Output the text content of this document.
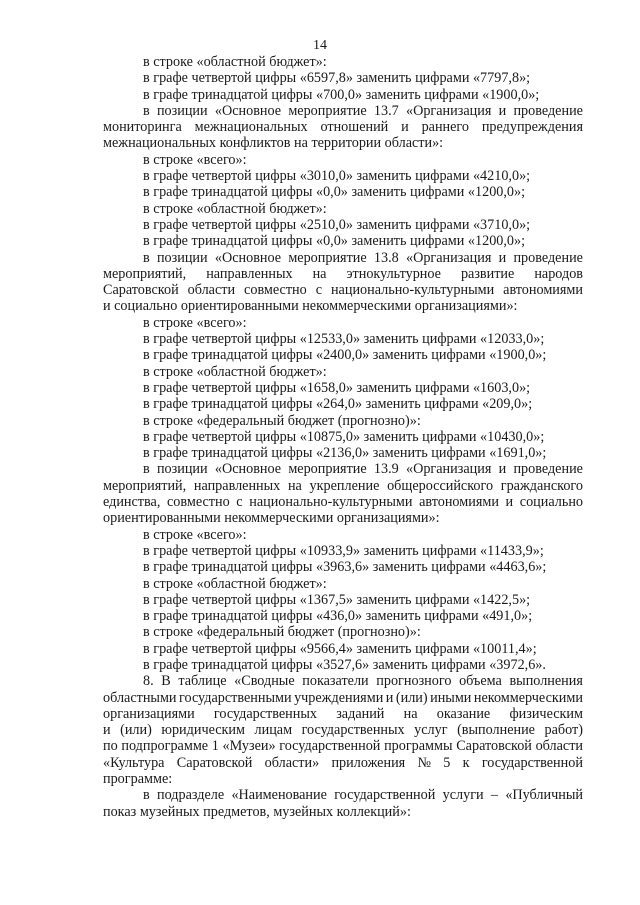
14
в строке «областной бюджет»:
в графе четвертой цифры «6597,8» заменить цифрами «7797,8»;
в графе тринадцатой цифры «700,0» заменить цифрами «1900,0»;
в позиции «Основное мероприятие 13.7 «Организация и проведение
мониторинга межнациональных отношений и раннего предупреждения
межнациональных конфликтов на территории области»:
в строке «всего»:
в графе четвертой цифры «3010,0» заменить цифрами «4210,0»;
в графе тринадцатой цифры «0,0» заменить цифрами «1200,0»;
в строке «областной бюджет»:
в графе четвертой цифры «2510,0» заменить цифрами «3710,0»;
в графе тринадцатой цифры «0,0» заменить цифрами «1200,0»;
в позиции «Основное мероприятие 13.8 «Организация и проведение
мероприятий, направленных на этнокультурное развитие народов
Саратовской области совместно с национально-культурными автономиями
и социально ориентированными некоммерческими организациями»:
в строке «всего»:
в графе четвертой цифры «12533,0» заменить цифрами «12033,0»;
в графе тринадцатой цифры «2400,0» заменить цифрами «1900,0»;
в строке «областной бюджет»:
в графе четвертой цифры «1658,0» заменить цифрами «1603,0»;
в графе тринадцатой цифры «264,0» заменить цифрами «209,0»;
в строке «федеральный бюджет (прогнозно)»:
в графе четвертой цифры «10875,0» заменить цифрами «10430,0»;
в графе тринадцатой цифры «2136,0» заменить цифрами «1691,0»;
в позиции «Основное мероприятие 13.9 «Организация и проведение
мероприятий, направленных на укрепление общероссийского гражданского
единства, совместно с национально-культурными автономиями и социально
ориентированными некоммерческими организациями»:
в строке «всего»:
в графе четвертой цифры «10933,9» заменить цифрами «11433,9»;
в графе тринадцатой цифры «3963,6» заменить цифрами «4463,6»;
в строке «областной бюджет»:
в графе четвертой цифры «1367,5» заменить цифрами «1422,5»;
в графе тринадцатой цифры «436,0» заменить цифрами «491,0»;
в строке «федеральный бюджет (прогнозно)»:
в графе четвертой цифры «9566,4» заменить цифрами «10011,4»;
в графе тринадцатой цифры «3527,6» заменить цифрами «3972,6».
8. В таблице «Сводные показатели прогнозного объема выполнения
областными государственными учреждениями и (или) иными некоммерческими
организациями государственных заданий на оказание физическим
и (или) юридическим лицам государственных услуг (выполнение работ)
по подпрограмме 1 «Музеи» государственной программы Саратовской области
«Культура Саратовской области» приложения № 5 к государственной
программе:
в подразделе «Наименование государственной услуги – «Публичный
показ музейных предметов, музейных коллекций»:
